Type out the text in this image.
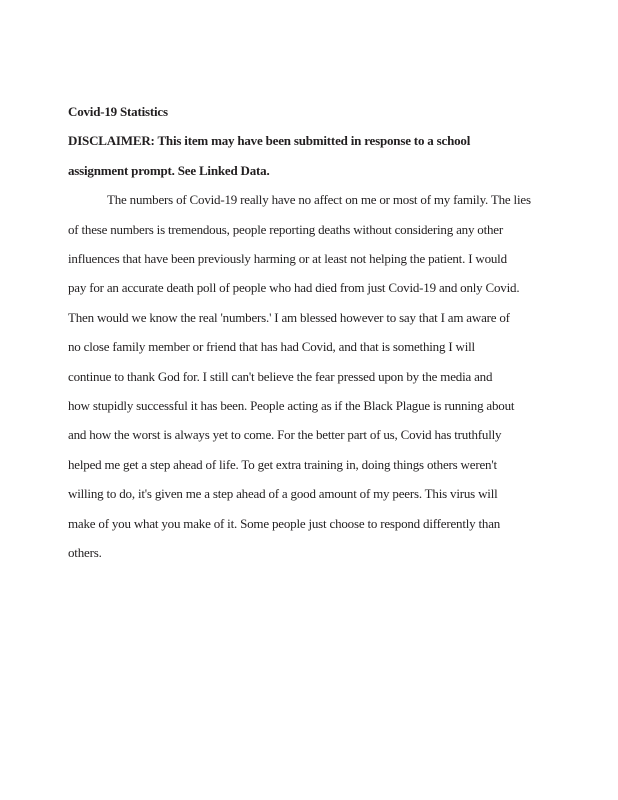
Covid-19 Statistics
DISCLAIMER: This item may have been submitted in response to a school
assignment prompt. See Linked Data.
The numbers of Covid-19 really have no affect on me or most of my family. The lies
of these numbers is tremendous, people reporting deaths without considering any other
influences that have been previously harming or at least not helping the patient. I would
pay for an accurate death poll of people who had died from just Covid-19 and only Covid.
Then would we know the real 'numbers.' I am blessed however to say that I am aware of
no close family member or friend that has had Covid, and that is something I will
continue to thank God for. I still can't believe the fear pressed upon by the media and
how stupidly successful it has been. People acting as if the Black Plague is running about
and how the worst is always yet to come. For the better part of us, Covid has truthfully
helped me get a step ahead of life. To get extra training in, doing things others weren't
willing to do, it's given me a step ahead of a good amount of my peers. This virus will
make of you what you make of it. Some people just choose to respond differently than
others.
